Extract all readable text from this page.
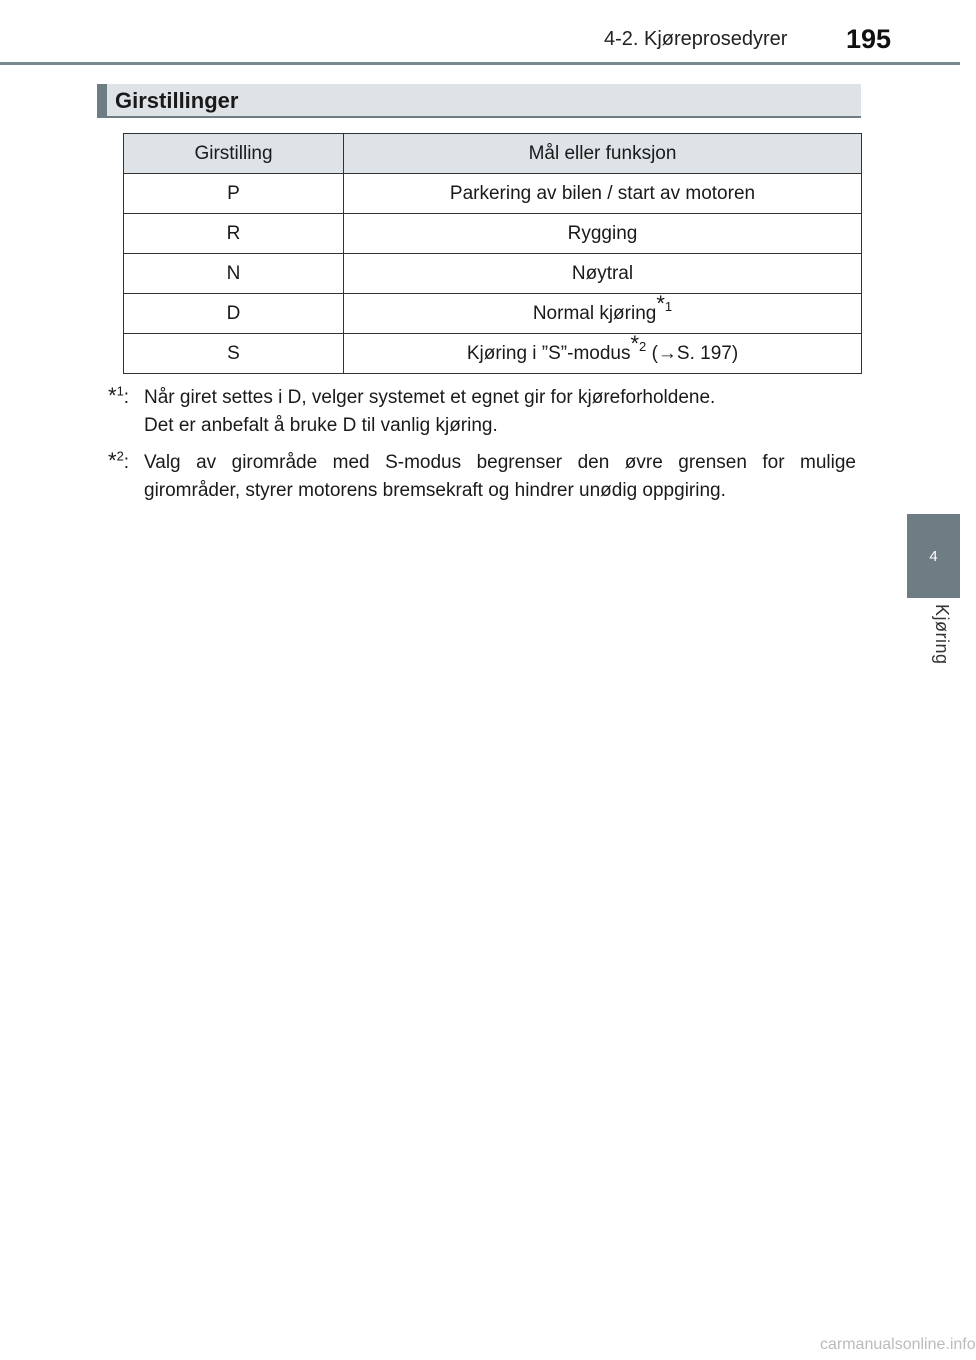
4-2. Kjøreprosedyrer 195
4
Kjøring
Girstillinger
Girstilling	Mål eller funksjon
P	Parkering av bilen / start av motoren
R	Rygging
N	Nøytral
D	Normal kjøring$^{*1}$
S	Kjøring i ”S”-modus$^{*2}$ (→S. 197)
*$^1$: Når giret settes i D, velger systemet et egnet gir for kjøreforholdene.
Det er anbefalt å bruke D til vanlig kjøring.
*$^2$: Valg av girområde med S-modus begrenser den øvre grensen for mulige
girområder, styrer motorens bremsekraft og hindrer unødig oppgiring.
carmanualsonline.info
